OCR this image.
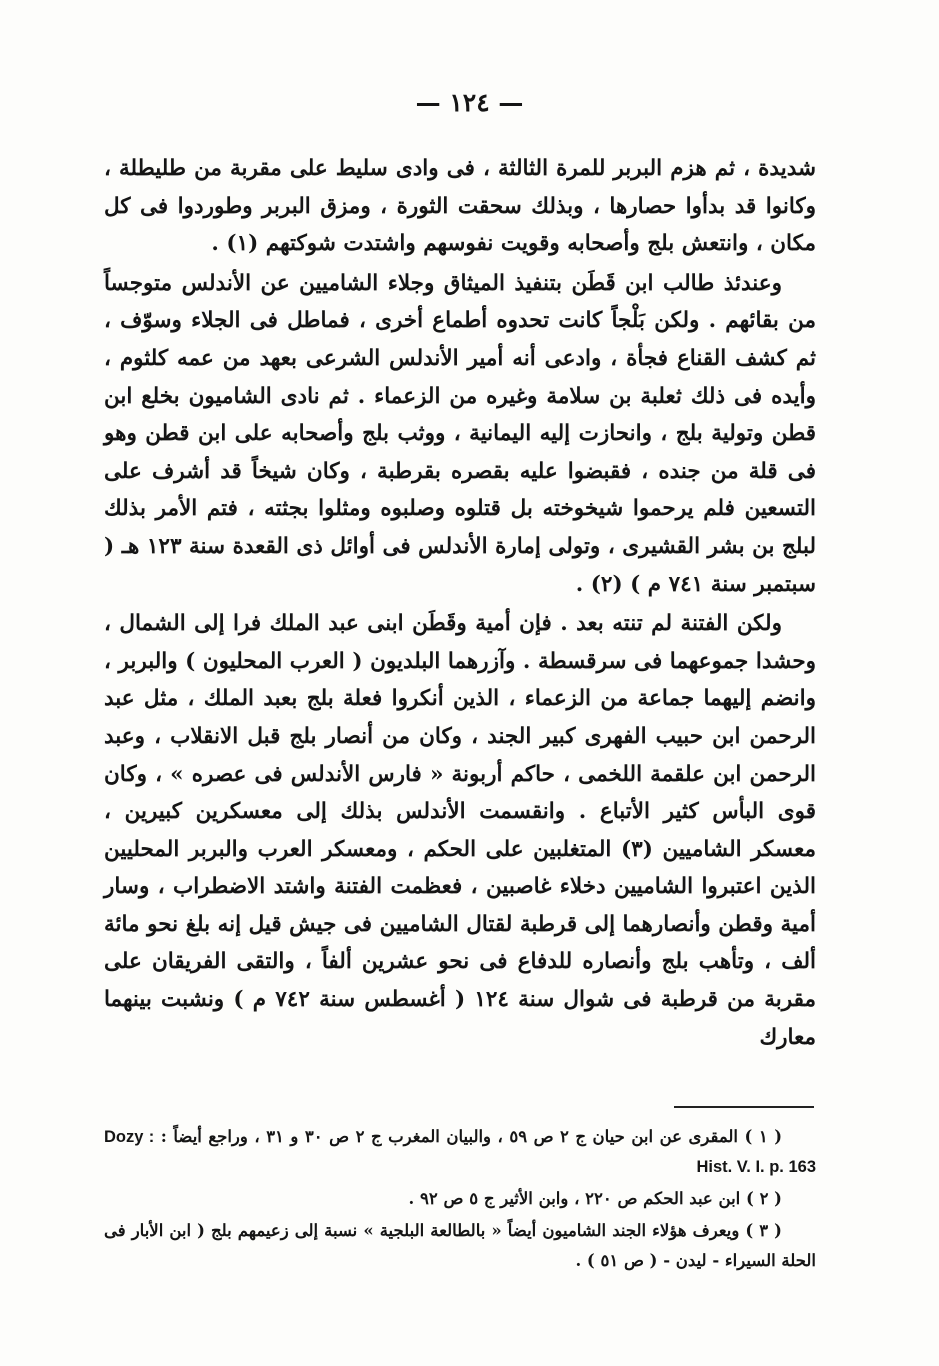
— ١٢٤ —

شديدة ، ثم هزم البربر للمرة الثالثة ، فى وادى سليط على مقربة من طليطلة ، وكانوا قد بدأوا حصارها ، وبذلك سحقت الثورة ، ومزق البربر وطوردوا فى كل مكان ، وانتعش بلج وأصحابه وقويت نفوسهم واشتدت شوكتهم (١) .

وعندئذ طالب ابن قَطَن بتنفيذ الميثاق وجلاء الشاميين عن الأندلس متوجساً من بقائهم . ولكن بَلْجاً كانت تحدوه أطماع أخرى ، فماطل فى الجلاء وسوّف ، ثم كشف القناع فجأة ، وادعى أنه أمير الأندلس الشرعى بعهد من عمه كلثوم ، وأيده فى ذلك ثعلبة بن سلامة وغيره من الزعماء . ثم نادى الشاميون بخلع ابن قطن وتولية بلج ، وانحازت إليه اليمانية ، ووثب بلج وأصحابه على ابن قطن وهو فى قلة من جنده ، فقبضوا عليه بقصره بقرطبة ، وكان شيخاً قد أشرف على التسعين فلم يرحموا شيخوخته بل قتلوه وصلبوه ومثلوا بجثته ، فتم الأمر بذلك لبلج بن بشر القشيرى ، وتولى إمارة الأندلس فى أوائل ذى القعدة سنة ١٢٣ هـ ( سبتمبر سنة ٧٤١ م ) (٢) .

ولكن الفتنة لم تنته بعد . فإن أمية وقَطَن ابنى عبد الملك فرا إلى الشمال ، وحشدا جموعهما فى سرقسطة . وآزرهما البلديون ( العرب المحليون ) والبربر ، وانضم إليهما جماعة من الزعماء ، الذين أنكروا فعلة بلج بعبد الملك ، مثل عبد الرحمن ابن حبيب الفهرى كبير الجند ، وكان من أنصار بلج قبل الانقلاب ، وعبد الرحمن ابن علقمة اللخمى ، حاكم أربونة « فارس الأندلس فى عصره » ، وكان قوى البأس كثير الأتباع . وانقسمت الأندلس بذلك إلى معسكرين كبيرين ، معسكر الشاميين (٣) المتغلبين على الحكم ، ومعسكر العرب والبربر المحليين الذين اعتبروا الشاميين دخلاء غاصبين ، فعظمت الفتنة واشتد الاضطراب ، وسار أمية وقطن وأنصارهما إلى قرطبة لقتال الشاميين فى جيش قيل إنه بلغ نحو مائة ألف ، وتأهب بلج وأنصاره للدفاع فى نحو عشرين ألفاً ، والتقى الفريقان على مقربة من قرطبة فى شوال سنة ١٢٤ ( أغسطس سنة ٧٤٢ م ) ونشبت بينهما معارك

( ١ ) المقرى عن ابن حيان ج ٢ ص ٥٩ ، والبيان المغرب ج ٢ ص ٣٠ و ٣١ ، وراجع أيضاً : Dozy : Hist. V. I. p. 163

( ٢ ) ابن عبد الحكم ص ٢٢٠ ، وابن الأثير ج ٥ ص ٩٢ .

( ٣ ) ويعرف هؤلاء الجند الشاميون أيضاً « بالطالعة البلجية » نسبة إلى زعيمهم بلج ( ابن الأبار فى الحلة السيراء - ليدن - ( ص ٥١ ) .
